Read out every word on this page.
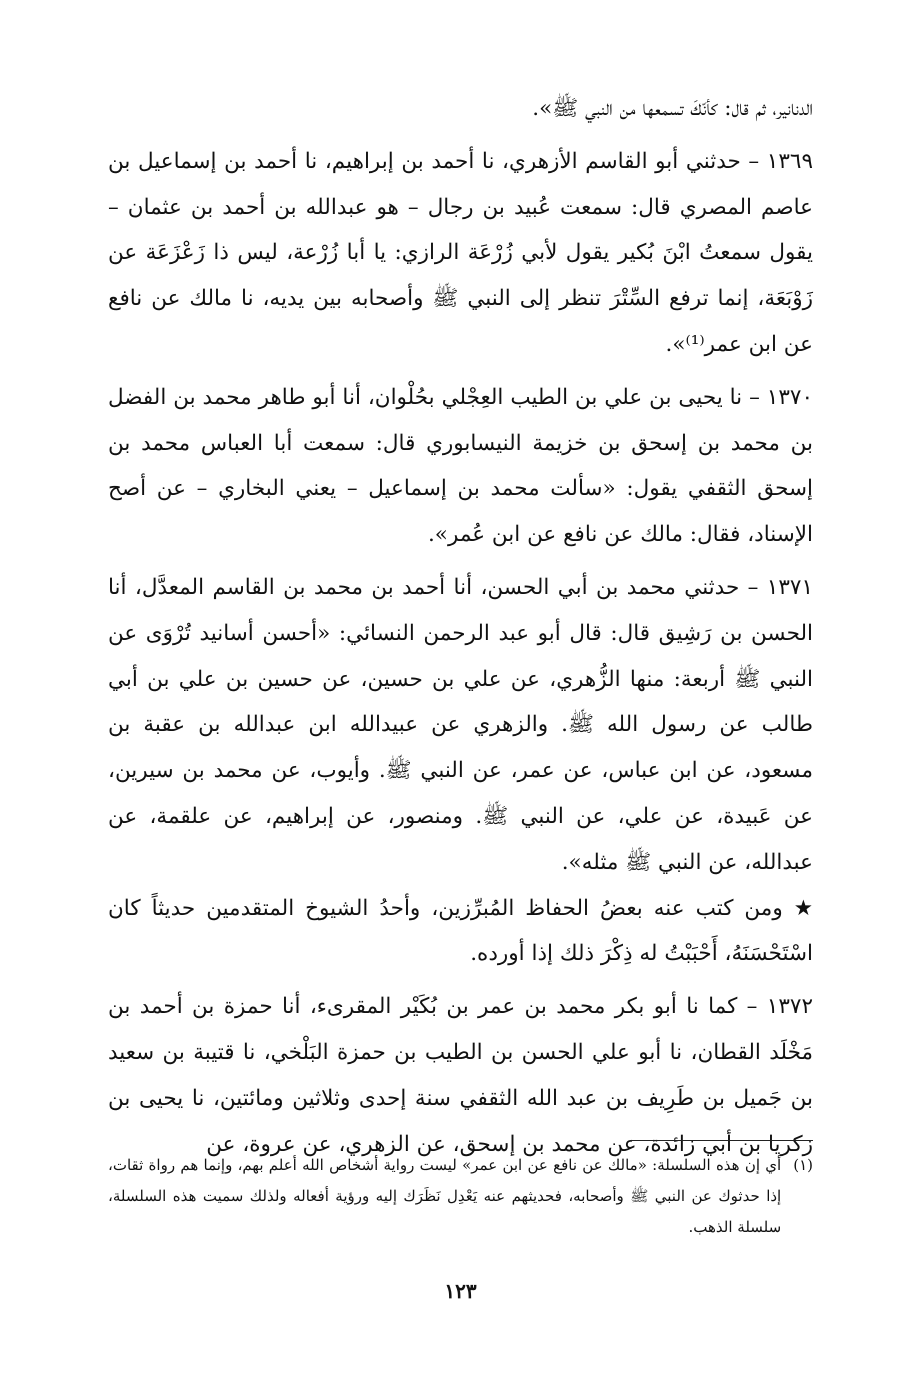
الدنانير، ثم قال: كأنّكَ تسمعها من النبي ﷺ».

١٣٦٩ – حدثني أبو القاسم الأزهري، نا أحمد بن إبراهيم، نا أحمد بن إسماعيل بن عاصم المصري قال: سمعت عُبيد بن رجال – هو عبدالله بن أحمد بن عثمان – يقول سمعتُ ابْنَ بُكير يقول لأبي زُرْعَة الرازي: يا أبا زُرْعة، ليس ذا زَعْزَعَة عن زَوْبَعَة، إنما ترفع السِّتْرَ تنظر إلى النبي ﷺ وأصحابه بين يديه، نا مالك عن نافع عن ابن عمر⁽¹⁾».

١٣٧٠ – نا يحيى بن علي بن الطيب العِجْلي بحُلْوان، أنا أبو طاهر محمد بن الفضل بن محمد بن إسحق بن خزيمة النيسابوري قال: سمعت أبا العباس محمد بن إسحق الثقفي يقول: «سألت محمد بن إسماعيل – يعني البخاري – عن أصح الإسناد، فقال: مالك عن نافع عن ابن عُمر».

١٣٧١ – حدثني محمد بن أبي الحسن، أنا أحمد بن محمد بن القاسم المعدَّل، أنا الحسن بن رَشِيق قال: قال أبو عبد الرحمن النسائي: «أحسن أسانيد تُرْوَى عن النبي ﷺ أربعة: منها الزُّهري، عن علي بن حسين، عن حسين بن علي بن أبي طالب عن رسول الله ﷺ. والزهري عن عبيدالله ابن عبدالله بن عقبة بن مسعود، عن ابن عباس، عن عمر، عن النبي ﷺ. وأيوب، عن محمد بن سيرين، عن عَبيدة، عن علي، عن النبي ﷺ. ومنصور، عن إبراهيم، عن علقمة، عن عبدالله، عن النبي ﷺ مثله».

★ ومن كتب عنه بعضُ الحفاظ المُبرِّزين، وأحدُ الشيوخ المتقدمين حديثاً كان اسْتَحْسَنَهُ، أَحْبَبْتُ له ذِكْرَ ذلك إذا أورده.

١٣٧٢ – كما نا أبو بكر محمد بن عمر بن بُكَيْر المقرىء، أنا حمزة بن أحمد بن مَخْلَد القطان، نا أبو علي الحسن بن الطيب بن حمزة البَلْخي، نا قتيبة بن سعيد بن جَميل بن طَرِيف بن عبد الله الثقفي سنة إحدى وثلاثين ومائتين، نا يحيى بن زكريا بن أبي زائدة، عن محمد بن إسحق، عن الزهري، عن عروة، عن

(١)
أي إن هذه السلسلة: «مالك عن نافع عن ابن عمر» ليست رواية أشخاص الله أعلم بهم، وإنما هم رواة ثقات، إذا حدثوك عن النبي ﷺ وأصحابه، فحديثهم عنه يَعْدِل نَظَرَك إليه ورؤية أفعاله ولذلك سميت هذه السلسلة، سلسلة الذهب.
١٢٣
